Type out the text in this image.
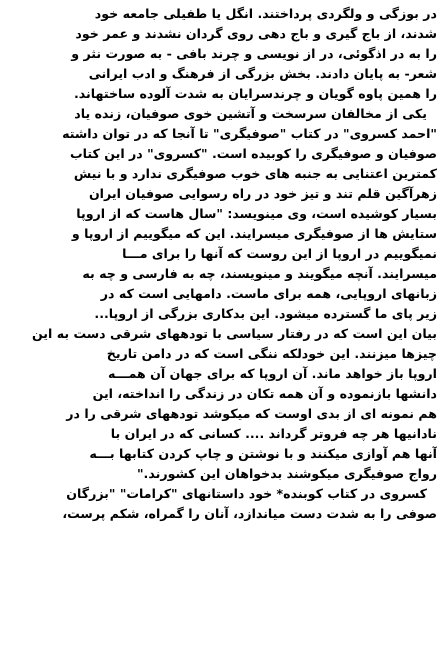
در بوزگی و ولگردی پرداختند. انگل یا طفیلی جامعه خود
شدند، از باج گیری و باج دهی روی گردان نشدند و عمر خود
را به در اذگوئی، در از نویسی و چرند بافی - به صورت نثر و
شعر- به پایان دادند. بخش بزرگی از فرهنگ و ادب ایرانی
را همین پاوه گویان و چرندسرایان به شدت آلوده ساختهاند.
یکی از مخالفان سرسخت و آتشین خوی صوفیان، زنده یاد
"احمد کسروی" در کتاب "صوفیگری" تا آنجا که در توان داشته
صوفیان و صوفیگری را کوبیده است. "کسروی" در این کتاب
کمترین اعتنایی به جنبه های خوب صوفیگری ندارد و با نیش
زهرآگین قلم تند و تیز خود در راه رسوایی صوفیان ایران
بسیار کوشیده است، وی مینویسد: "سال هاست که از اروپا
ستایش ها از صوفیگری میسرایند. این که میگوییم از اروپا و
نمیگوییم در اروپا از این روست که آنها را برای مـــا
میسرایند. آنچه میگویند و مینویسند، چه به فارسی و چه به
زبانهای اروپایی، همه برای ماست. دامهایی است که در
زیر پای ما گسترده میشود. این بدکاری بزرگی از اروپا...
بیان این است که در رفتار سیاسی با تودههای شرقی دست به این
چیزها میزنند. این خودلکه ننگی است که در دامن تاریخ
اروپا باز خواهد ماند. آن اروپا که برای جهان آن همـــه
دانشها بازنموده و آن همه تکان در زندگی را انداخته، این
هم نمونه ای از بدی اوست که میکوشد تودههای شرقی را در
نادانیها هر چه فروتر گرداند .... کسانی که در ایران با
آنها هم آوازی میکنند و با نوشتن و چاپ کردن کتابها بـــه
رواج صوفیگری میکوشند بدخواهان این کشورند."
کسروی در کتاب کوبنده* خود داستانهای "کرامات" "بزرگان
صوفی را به شدت دست میاندازد، آنان را گمراه، شکم پرست،
